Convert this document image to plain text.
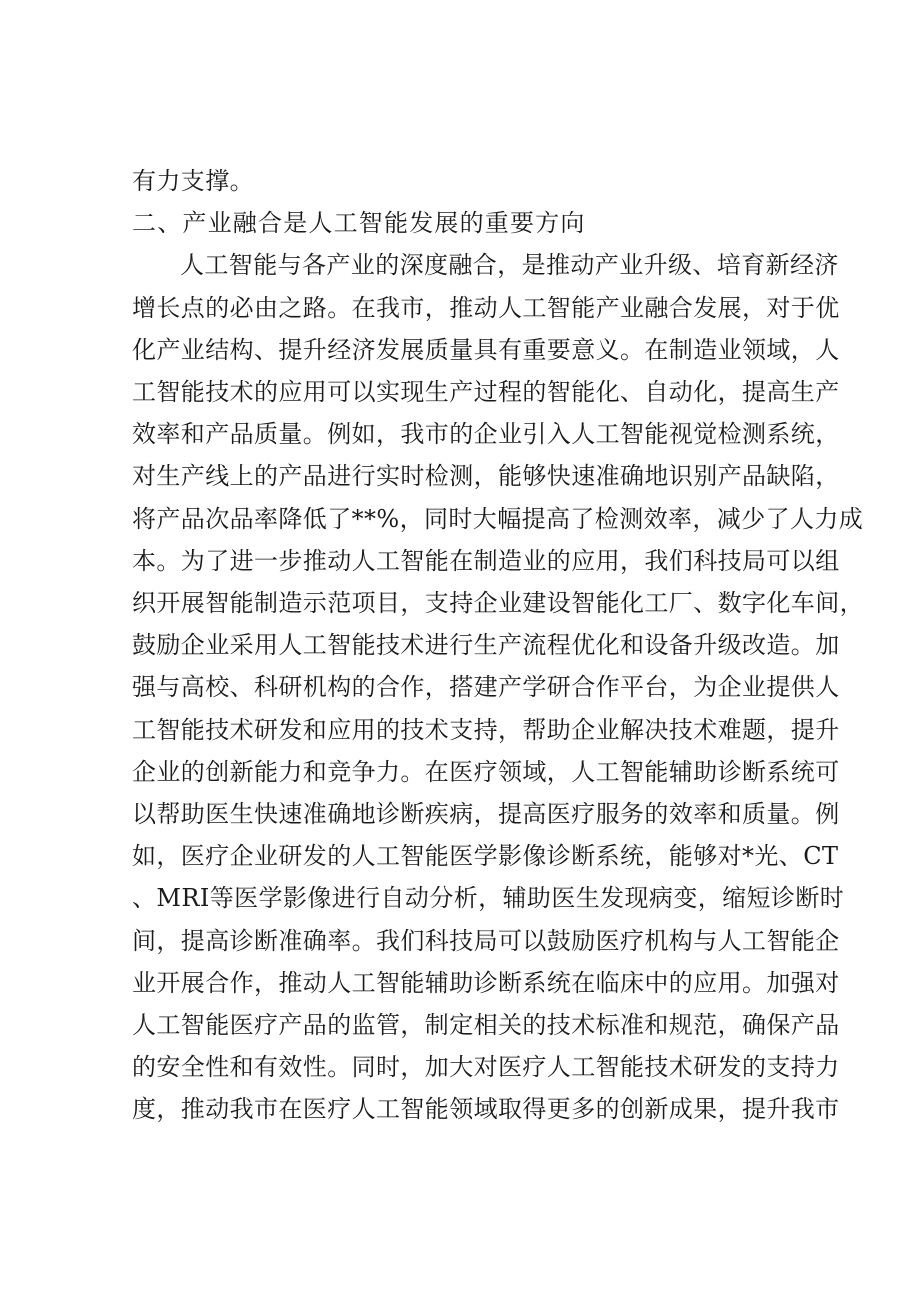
有力支撑。

二、产业融合是人工智能发展的重要方向

人工智能与各产业的深度融合，是推动产业升级、培育新经济
增长点的必由之路。在我市，推动人工智能产业融合发展，对于优
化产业结构、提升经济发展质量具有重要意义。在制造业领域，人
工智能技术的应用可以实现生产过程的智能化、自动化，提高生产
效率和产品质量。例如，我市的企业引入人工智能视觉检测系统，
对生产线上的产品进行实时检测，能够快速准确地识别产品缺陷，
将产品次品率降低了**%，同时大幅提高了检测效率，减少了人力成
本。为了进一步推动人工智能在制造业的应用，我们科技局可以组
织开展智能制造示范项目，支持企业建设智能化工厂、数字化车间，
鼓励企业采用人工智能技术进行生产流程优化和设备升级改造。加
强与高校、科研机构的合作，搭建产学研合作平台，为企业提供人
工智能技术研发和应用的技术支持，帮助企业解决技术难题，提升
企业的创新能力和竞争力。在医疗领域，人工智能辅助诊断系统可
以帮助医生快速准确地诊断疾病，提高医疗服务的效率和质量。例
如，医疗企业研发的人工智能医学影像诊断系统，能够对*光、CT
、MRI等医学影像进行自动分析，辅助医生发现病变，缩短诊断时
间，提高诊断准确率。我们科技局可以鼓励医疗机构与人工智能企
业开展合作，推动人工智能辅助诊断系统在临床中的应用。加强对
人工智能医疗产品的监管，制定相关的技术标准和规范，确保产品
的安全性和有效性。同时，加大对医疗人工智能技术研发的支持力
度，推动我市在医疗人工智能领域取得更多的创新成果，提升我市
